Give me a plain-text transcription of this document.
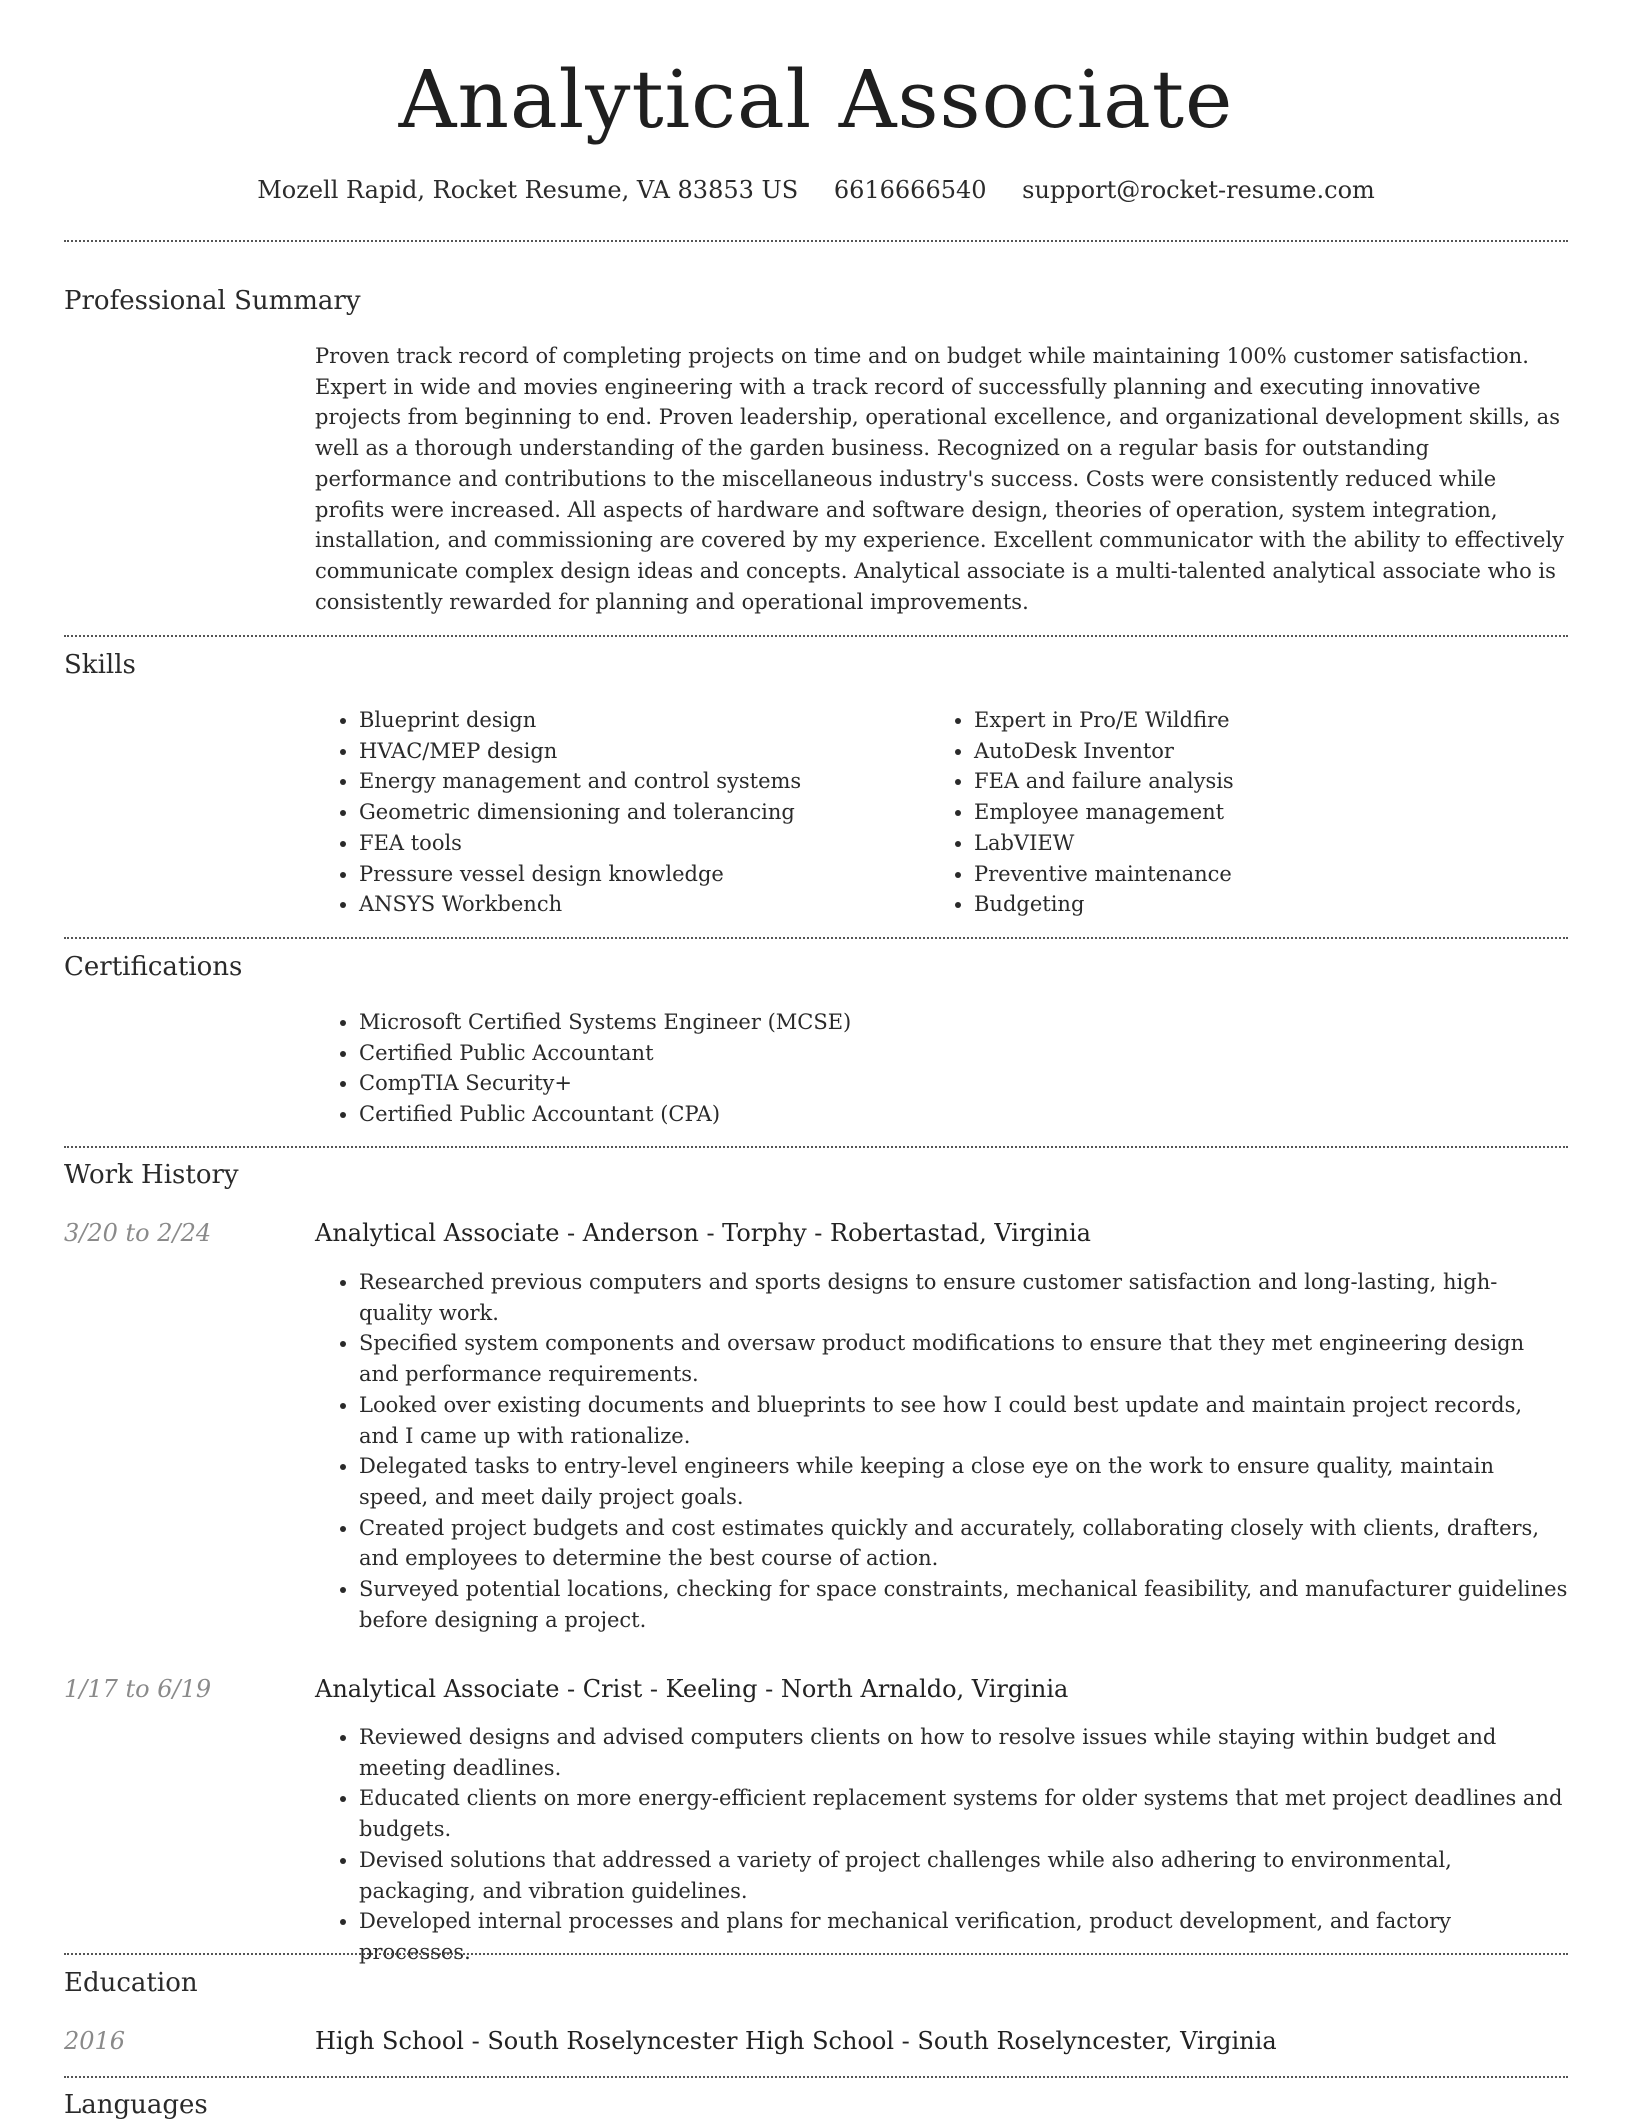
Analytical Associate
Mozell Rapid, Rocket Resume, VA 83853 US 6616666540 support@rocket-resume.com
Professional Summary
Proven track record of completing projects on time and on budget while maintaining 100% customer satisfaction. Expert in wide and movies engineering with a track record of successfully planning and executing innovative projects from beginning to end. Proven leadership, operational excellence, and organizational development skills, as well as a thorough understanding of the garden business. Recognized on a regular basis for outstanding performance and contributions to the miscellaneous industry's success. Costs were consistently reduced while profits were increased. All aspects of hardware and software design, theories of operation, system integration, installation, and commissioning are covered by my experience. Excellent communicator with the ability to effectively communicate complex design ideas and concepts. Analytical associate is a multi-talented analytical associate who is consistently rewarded for planning and operational improvements.
Skills
• Blueprint design
• HVAC/MEP design
• Energy management and control systems
• Geometric dimensioning and tolerancing
• FEA tools
• Pressure vessel design knowledge
• ANSYS Workbench
• Expert in Pro/E Wildfire
• AutoDesk Inventor
• FEA and failure analysis
• Employee management
• LabVIEW
• Preventive maintenance
• Budgeting
Certifications
• Microsoft Certified Systems Engineer (MCSE)
• Certified Public Accountant
• CompTIA Security+
• Certified Public Accountant (CPA)
Work History
3/20 to 2/24	Analytical Associate - Anderson - Torphy - Robertastad, Virginia
• Researched previous computers and sports designs to ensure customer satisfaction and long-lasting, high-quality work.
• Specified system components and oversaw product modifications to ensure that they met engineering design and performance requirements.
• Looked over existing documents and blueprints to see how I could best update and maintain project records, and I came up with rationalize.
• Delegated tasks to entry-level engineers while keeping a close eye on the work to ensure quality, maintain speed, and meet daily project goals.
• Created project budgets and cost estimates quickly and accurately, collaborating closely with clients, drafters, and employees to determine the best course of action.
• Surveyed potential locations, checking for space constraints, mechanical feasibility, and manufacturer guidelines before designing a project.
1/17 to 6/19	Analytical Associate - Crist - Keeling - North Arnaldo, Virginia
• Reviewed designs and advised computers clients on how to resolve issues while staying within budget and meeting deadlines.
• Educated clients on more energy-efficient replacement systems for older systems that met project deadlines and budgets.
• Devised solutions that addressed a variety of project challenges while also adhering to environmental, packaging, and vibration guidelines.
• Developed internal processes and plans for mechanical verification, product development, and factory processes.
Education
2016	High School - South Roselyncester High School - South Roselyncester, Virginia
Languages
